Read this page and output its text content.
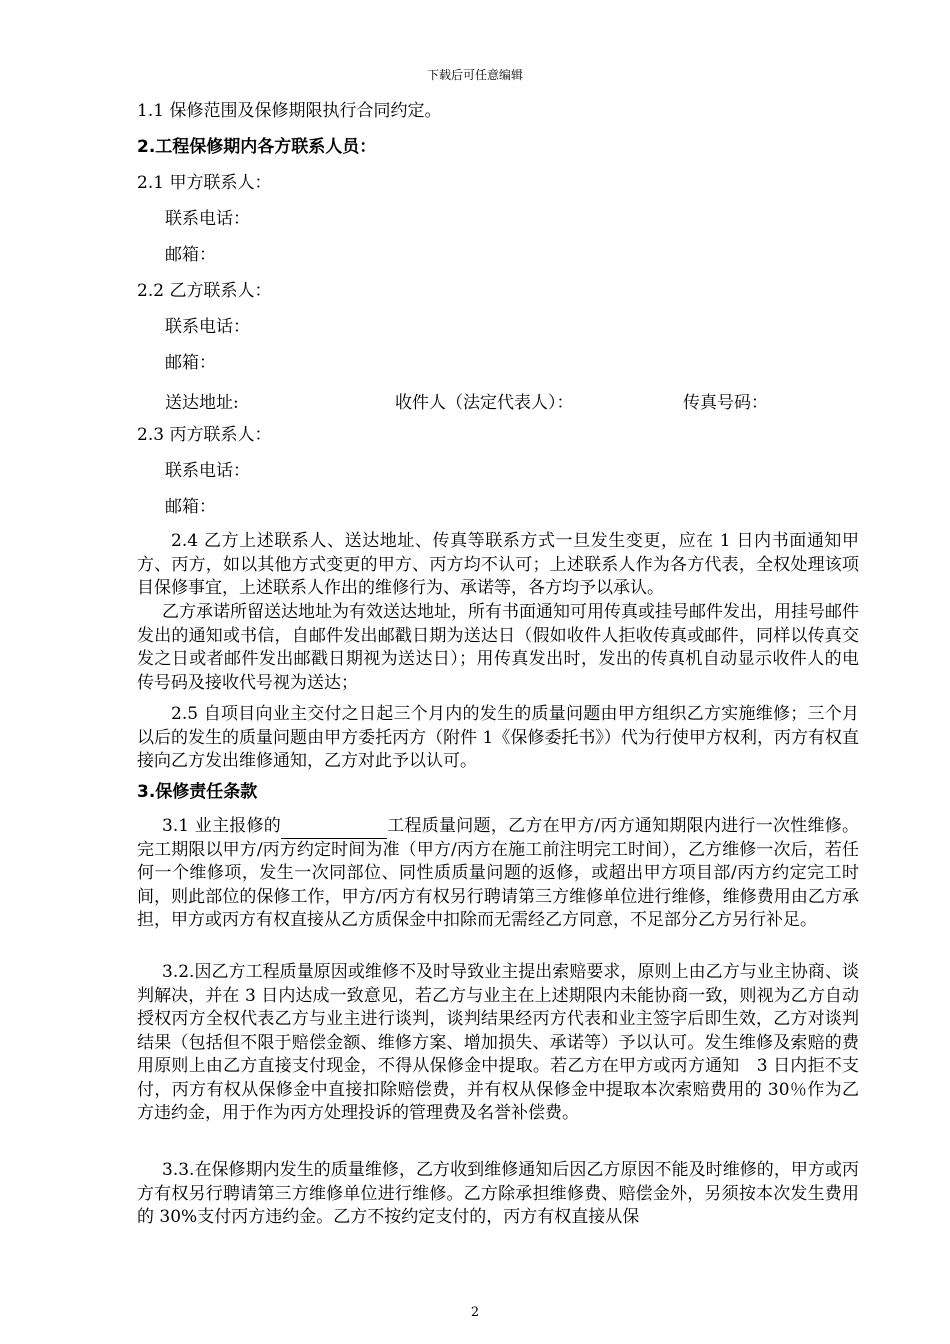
下载后可任意编辑
1.1 保修范围及保修期限执行合同约定。
2.工程保修期内各方联系人员：
2.1 甲方联系人：
联系电话：
邮箱：
2.2 乙方联系人：
联系电话：
邮箱：
送达地址:	收件人（法定代表人）：	传真号码：
2.3 丙方联系人：
联系电话：
邮箱：
2.4 乙方上述联系人、送达地址、传真等联系方式一旦发生变更，应在 1 日内书面通知甲方、丙方，如以其他方式变更的甲方、丙方均不认可；上述联系人作为各方代表，全权处理该项目保修事宜，上述联系人作出的维修行为、承诺等，各方均予以承认。
乙方承诺所留送达地址为有效送达地址，所有书面通知可用传真或挂号邮件发出，用挂号邮件发出的通知或书信，自邮件发出邮戳日期为送达日（假如收件人拒收传真或邮件，同样以传真交发之日或者邮件发出邮戳日期视为送达日）；用传真发出时，发出的传真机自动显示收件人的电传号码及接收代号视为送达；
2.5 自项目向业主交付之日起三个月内的发生的质量问题由甲方组织乙方实施维修；三个月以后的发生的质量问题由甲方委托丙方（附件 1《保修委托书》）代为行使甲方权利，丙方有权直接向乙方发出维修通知，乙方对此予以认可。
3.保修责任条款
3.1 业主报修的	工程质量问题，乙方在甲方/丙方通知期限内进行一次性维修。完工期限以甲方/丙方约定时间为准（甲方/丙方在施工前注明完工时间），乙方维修一次后，若任何一个维修项，发生一次同部位、同性质质量问题的返修，或超出甲方项目部/丙方约定完工时间，则此部位的保修工作，甲方/丙方有权另行聘请第三方维修单位进行维修，维修费用由乙方承担，甲方或丙方有权直接从乙方质保金中扣除而无需经乙方同意，不足部分乙方另行补足。
3.2.因乙方工程质量原因或维修不及时导致业主提出索赔要求，原则上由乙方与业主协商、谈判解决，并在 3 日内达成一致意见，若乙方与业主在上述期限内未能协商一致，则视为乙方自动授权丙方全权代表乙方与业主进行谈判，谈判结果经丙方代表和业主签字后即生效，乙方对谈判结果（包括但不限于赔偿金额、维修方案、增加损失、承诺等）予以认可。发生维修及索赔的费用原则上由乙方直接支付现金，不得从保修金中提取。若乙方在甲方或丙方通知　3 日内拒不支付，丙方有权从保修金中直接扣除赔偿费，并有权从保修金中提取本次索赔费用的 30％作为乙方违约金，用于作为丙方处理投诉的管理费及名誉补偿费。
3.3.在保修期内发生的质量维修，乙方收到维修通知后因乙方原因不能及时维修的，甲方或丙方有权另行聘请第三方维修单位进行维修。乙方除承担维修费、赔偿金外，另须按本次发生费用的 30%支付丙方违约金。乙方不按约定支付的，丙方有权直接从保
2
